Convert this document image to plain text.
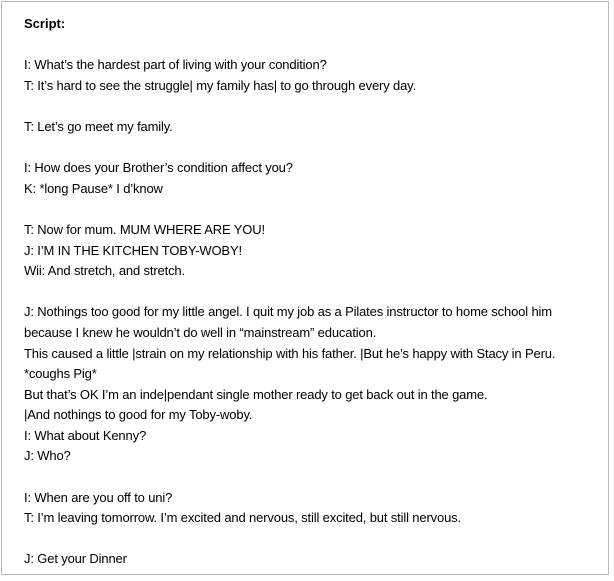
Script:
I: What’s the hardest part of living with your condition?
T: It’s hard to see the struggle| my family has| to go through every day.
T: Let’s go meet my family.
I: How does your Brother’s condition affect you?
K: *long Pause* I d’know
T: Now for mum. MUM WHERE ARE YOU!
J: I’M IN THE KITCHEN TOBY-WOBY!
Wii: And stretch, and stretch.
J: Nothings too good for my little angel. I quit my job as a Pilates instructor to home school him
because I knew he wouldn’t do well in “mainstream” education.
This caused a little |strain on my relationship with his father. |But he’s happy with Stacy in Peru.
*coughs Pig*
But that’s OK I’m an inde|pendant single mother ready to get back out in the game.
|And nothings to good for my Toby-woby.
I: What about Kenny?
J: Who?
I: When are you off to uni?
T: I’m leaving tomorrow. I’m excited and nervous, still excited, but still nervous.
J: Get your Dinner
